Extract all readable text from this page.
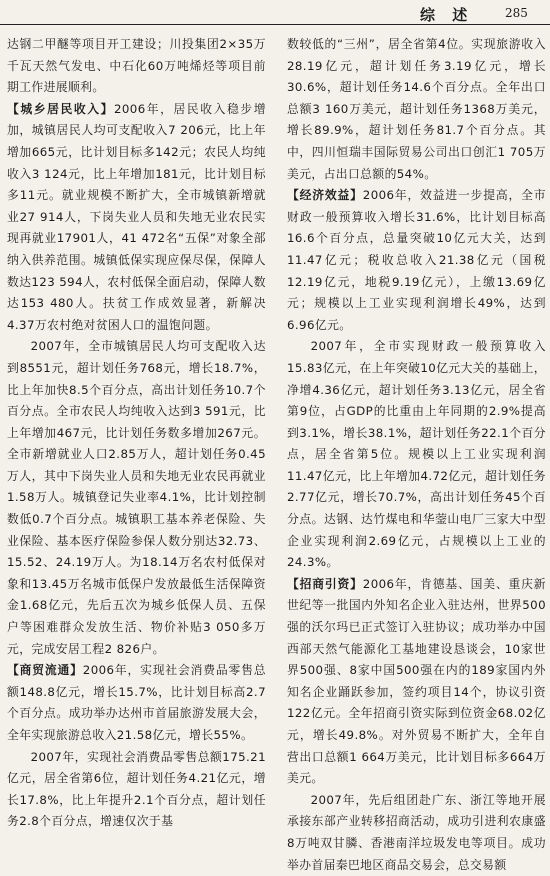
综 述	285

达钢二甲醚等项目开工建设；川投集团2×35万千瓦天然气发电、中石化60万吨烯烃等项目前期工作进展顺利。

【城乡居民收入】2006年，居民收入稳步增加，城镇居民人均可支配收入7 206元，比上年增加665元，比计划目标多142元；农民人均纯收入3 124元，比上年增加181元，比计划目标多11元。就业规模不断扩大，全市城镇新增就业27 914人，下岗失业人员和失地无业农民实现再就业17901人，41 472名“五保”对象全部纳入供养范围。城镇低保实现应保尽保，保障人数达123 594人，农村低保全面启动，保障人数达153 480人。扶贫工作成效显著，新解决4.37万农村绝对贫困人口的温饱问题。

2007年，全市城镇居民人均可支配收入达到8551元，超计划任务768元，增长18.7%，比上年加快8.5个百分点，高出计划任务10.7个百分点。全市农民人均纯收入达到3 591元，比上年增加467元，比计划任务数多增加267元。全市新增就业人口2.85万人，超计划任务0.45万人，其中下岗失业人员和失地无业农民再就业1.58万人。城镇登记失业率4.1%，比计划控制数低0.7个百分点。城镇职工基本养老保险、失业保险、基本医疗保险参保人数分别达32.73、15.52、24.19万人。为18.14万名农村低保对象和13.45万名城市低保户发放最低生活保障资金1.68亿元，先后五次为城乡低保人员、五保户等困难群众发放生活、物价补贴3 050多万元，完成安居工程2 826户。

【商贸流通】2006年，实现社会消费品零售总额148.8亿元，增长15.7%，比计划目标高2.7个百分点。成功举办达州市首届旅游发展大会，全年实现旅游总收入21.58亿元，增长55%。

2007年，实现社会消费品零售总额175.21亿元，居全省第6位，超计划任务4.21亿元，增长17.8%，比上年提升2.1个百分点，超计划任务2.8个百分点，增速仅次于基

数较低的“三州”，居全省第4位。实现旅游收入28.19亿元，超计划任务3.19亿元，增长30.6%，超计划任务14.6个百分点。全年出口总额3 160万美元，超计划任务1368万美元，增长89.9%，超计划任务81.7个百分点。其中，四川恒瑞丰国际贸易公司出口创汇1 705万美元，占出口总额的54%。

【经济效益】2006年，效益进一步提高，全市财政一般预算收入增长31.6%，比计划目标高16.6个百分点，总量突破10亿元大关，达到11.47亿元；税收总收入21.38亿元（国税12.19亿元，地税9.19亿元），上缴13.69亿元；规模以上工业实现利润增长49%，达到6.96亿元。

2007年，全市实现财政一般预算收入15.83亿元，在上年突破10亿元大关的基础上，净增4.36亿元，超计划任务3.13亿元，居全省第9位，占GDP的比重由上年同期的2.9%提高到3.1%，增长38.1%，超计划任务22.1个百分点，居全省第5位。规模以上工业实现利润11.47亿元，比上年增加4.72亿元，超计划任务2.77亿元，增长70.7%，高出计划任务45个百分点。达钢、达竹煤电和华蓥山电厂三家大中型企业实现利润2.69亿元，占规模以上工业的24.3%。

【招商引资】2006年，肯德基、国美、重庆新世纪等一批国内外知名企业入驻达州，世界500强的沃尔玛已正式签订入驻协议；成功举办中国西部天然气能源化工基地建设恳谈会，10家世界500强、8家中国500强在内的189家国内外知名企业踊跃参加，签约项目14个，协议引资122亿元。全年招商引资实际到位资金68.02亿元，增长49.8%。对外贸易不断扩大，全年自营出口总额1 664万美元，比计划目标多664万美元。

2007年，先后组团赴广东、浙江等地开展承接东部产业转移招商活动，成功引进利农康盛8万吨双甘膦、香港南洋垃圾发电等项目。成功举办首届秦巴地区商品交易会，总交易额
